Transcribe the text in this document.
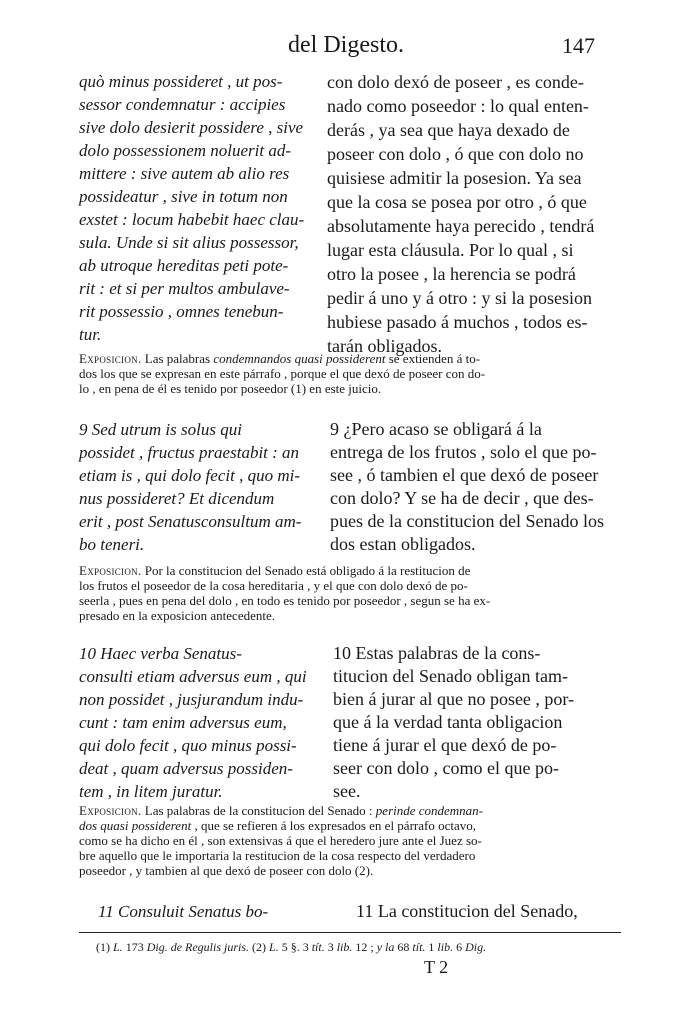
del Digesto.	147
quò minus possideret , ut pos-
sessor condemnatur : accipies
sive dolo desierit possidere , sive
dolo possessionem noluerit ad-
mittere : sive autem ab alio res
possideatur , sive in totum non
exstet : locum habebit haec clau-
sula. Unde si sit alius possessor,
ab utroque hereditas peti pote-
rit : et si per multos ambulave-
rit possessio , omnes tenebun-
tur.
con dolo dexó de poseer , es conde-
nado como poseedor : lo qual enten-
derás , ya sea que haya dexado de
poseer con dolo , ó que con dolo no
quisiese admitir la posesion. Ya sea
que la cosa se posea por otro , ó que
absolutamente haya perecido , tendrá
lugar esta cláusula. Por lo qual , si
otro la posee , la herencia se podrá
pedir á uno y á otro : y si la posesion
hubiese pasado á muchos , todos es-
tarán obligados.
Exposicion. Las palabras condemnandos quasi possiderent se extienden á to-
dos los que se expresan en este párrafo , porque el que dexó de poseer con do-
lo , en pena de él es tenido por poseedor (1) en este juicio.
9 Sed utrum is solus qui
possidet , fructus praestabit : an
etiam is , qui dolo fecit , quo mi-
nus possideret? Et dicendum
erit , post Senatusconsultum am-
bo teneri.
9 ¿Pero acaso se obligará á la
entrega de los frutos , solo el que po-
see , ó tambien el que dexó de poseer
con dolo? Y se ha de decir , que des-
pues de la constitucion del Senado los
dos estan obligados.
Exposicion. Por la constitucion del Senado está obligado á la restitucion de
los frutos el poseedor de la cosa hereditaria , y el que con dolo dexó de po-
seerla , pues en pena del dolo , en todo es tenido por poseedor , segun se ha ex-
presado en la exposicion antecedente.
10 Haec verba Senatus-
consulti etiam adversus eum , qui
non possidet , jusjurandum indu-
cunt : tam enim adversus eum,
qui dolo fecit , quo minus possi-
deat , quam adversus possiden-
tem , in litem juratur.
10 Estas palabras de la cons-
titucion del Senado obligan tam-
bien á jurar al que no posee , por-
que á la verdad tanta obligacion
tiene á jurar el que dexó de po-
seer con dolo , como el que po-
see.
Exposicion. Las palabras de la constitucion del Senado : perinde condemnan-
dos quasi possiderent , que se refieren á los expresados en el párrafo octavo,
como se ha dicho en él , son extensivas á que el heredero jure ante el Juez so-
bre aquello que le importaria la restitucion de la cosa respecto del verdadero
poseedor , y tambien al que dexó de poseer con dolo (2).
11 Consuluit Senatus bo-	11 La constitucion del Senado,
(1) L. 173 Dig. de Regulis juris. (2) L. 5 §. 3 tít. 3 lib. 12 ; y la 68 tít. 1 lib. 6 Dig.
T 2
